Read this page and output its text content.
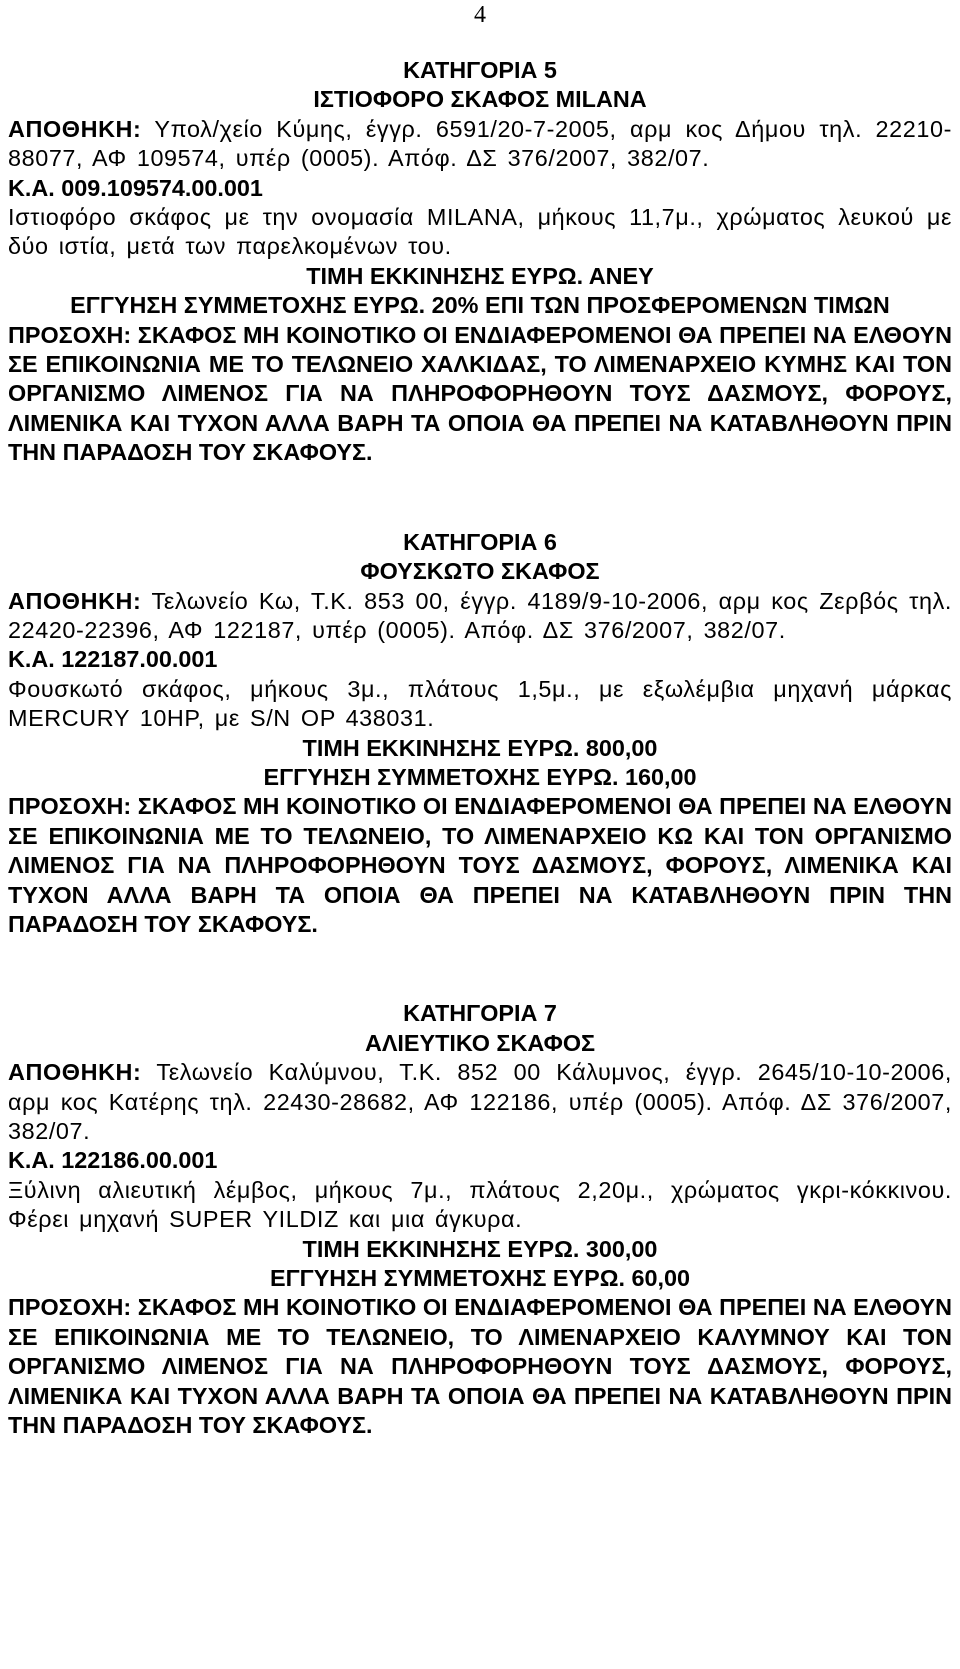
4
ΚΑΤΗΓΟΡΙΑ 5
ΙΣΤΙΟΦΟΡΟ ΣΚΑΦΟΣ MILANA
ΑΠΟΘΗΚΗ: Υπολ/χείο Κύμης, έγγρ. 6591/20-7-2005, αρμ κος Δήμου τηλ. 22210-88077, ΑΦ 109574, υπέρ (0005). Απόφ. ΔΣ 376/2007, 382/07.
Κ.Α. 009.109574.00.001
Ιστιοφόρο σκάφος με την ονομασία MILANA, μήκους 11,7μ., χρώματος λευκού με δύο ιστία, μετά των παρελκομένων του.
ΤΙΜΗ ΕΚΚΙΝΗΣΗΣ ΕΥΡΩ. ΑΝΕΥ
ΕΓΓΥΗΣΗ ΣΥΜΜΕΤΟΧΗΣ ΕΥΡΩ. 20% ΕΠΙ ΤΩΝ ΠΡΟΣΦΕΡΟΜΕΝΩΝ ΤΙΜΩΝ
ΠΡΟΣΟΧΗ: ΣΚΑΦΟΣ ΜΗ ΚΟΙΝΟΤΙΚΟ ΟΙ ΕΝΔΙΑΦΕΡΟΜΕΝΟΙ ΘΑ ΠΡΕΠΕΙ ΝΑ ΕΛΘΟΥΝ ΣΕ ΕΠΙΚΟΙΝΩΝΙΑ ΜΕ ΤΟ ΤΕΛΩΝΕΙΟ ΧΑΛΚΙΔΑΣ, ΤΟ ΛΙΜΕΝΑΡΧΕΙΟ ΚΥΜΗΣ ΚΑΙ ΤΟΝ ΟΡΓΑΝΙΣΜΟ ΛΙΜΕΝΟΣ ΓΙΑ ΝΑ ΠΛΗΡΟΦΟΡΗΘΟΥΝ ΤΟΥΣ ΔΑΣΜΟΥΣ, ΦΟΡΟΥΣ, ΛΙΜΕΝΙΚΑ ΚΑΙ ΤΥΧΟΝ ΑΛΛΑ ΒΑΡΗ ΤΑ ΟΠΟΙΑ ΘΑ ΠΡΕΠΕΙ ΝΑ ΚΑΤΑΒΛΗΘΟΥΝ ΠΡΙΝ ΤΗΝ ΠΑΡΑΔΟΣΗ ΤΟΥ ΣΚΑΦΟΥΣ.
ΚΑΤΗΓΟΡΙΑ 6
ΦΟΥΣΚΩΤΟ ΣΚΑΦΟΣ
ΑΠΟΘΗΚΗ: Τελωνείο Κω, Τ.Κ. 853 00, έγγρ. 4189/9-10-2006, αρμ κος Ζερβός τηλ. 22420-22396, ΑΦ 122187, υπέρ (0005). Απόφ. ΔΣ 376/2007, 382/07.
Κ.Α. 122187.00.001
Φουσκωτό σκάφος, μήκους 3μ., πλάτους 1,5μ., με εξωλέμβια μηχανή μάρκας MERCURY 10HP, με S/N OP 438031.
ΤΙΜΗ ΕΚΚΙΝΗΣΗΣ ΕΥΡΩ. 800,00
ΕΓΓΥΗΣΗ ΣΥΜΜΕΤΟΧΗΣ ΕΥΡΩ. 160,00
ΠΡΟΣΟΧΗ: ΣΚΑΦΟΣ ΜΗ ΚΟΙΝΟΤΙΚΟ ΟΙ ΕΝΔΙΑΦΕΡΟΜΕΝΟΙ ΘΑ ΠΡΕΠΕΙ ΝΑ ΕΛΘΟΥΝ ΣΕ ΕΠΙΚΟΙΝΩΝΙΑ ΜΕ ΤΟ ΤΕΛΩΝΕΙΟ, ΤΟ ΛΙΜΕΝΑΡΧΕΙΟ ΚΩ ΚΑΙ ΤΟΝ ΟΡΓΑΝΙΣΜΟ ΛΙΜΕΝΟΣ ΓΙΑ ΝΑ ΠΛΗΡΟΦΟΡΗΘΟΥΝ ΤΟΥΣ ΔΑΣΜΟΥΣ, ΦΟΡΟΥΣ, ΛΙΜΕΝΙΚΑ ΚΑΙ ΤΥΧΟΝ ΑΛΛΑ ΒΑΡΗ ΤΑ ΟΠΟΙΑ ΘΑ ΠΡΕΠΕΙ ΝΑ ΚΑΤΑΒΛΗΘΟΥΝ ΠΡΙΝ ΤΗΝ ΠΑΡΑΔΟΣΗ ΤΟΥ ΣΚΑΦΟΥΣ.
ΚΑΤΗΓΟΡΙΑ 7
ΑΛΙΕΥΤΙΚΟ ΣΚΑΦΟΣ
ΑΠΟΘΗΚΗ: Τελωνείο Καλύμνου, Τ.Κ. 852 00 Κάλυμνος, έγγρ. 2645/10-10-2006, αρμ κος Κατέρης τηλ. 22430-28682, ΑΦ 122186, υπέρ (0005). Απόφ. ΔΣ 376/2007, 382/07.
Κ.Α. 122186.00.001
Ξύλινη αλιευτική λέμβος, μήκους 7μ., πλάτους 2,20μ., χρώματος γκρι-κόκκινου. Φέρει μηχανή SUPER YILDIZ και μια άγκυρα.
ΤΙΜΗ ΕΚΚΙΝΗΣΗΣ ΕΥΡΩ. 300,00
ΕΓΓΥΗΣΗ ΣΥΜΜΕΤΟΧΗΣ ΕΥΡΩ. 60,00
ΠΡΟΣΟΧΗ: ΣΚΑΦΟΣ ΜΗ ΚΟΙΝΟΤΙΚΟ ΟΙ ΕΝΔΙΑΦΕΡΟΜΕΝΟΙ ΘΑ ΠΡΕΠΕΙ ΝΑ ΕΛΘΟΥΝ ΣΕ ΕΠΙΚΟΙΝΩΝΙΑ ΜΕ ΤΟ ΤΕΛΩΝΕΙΟ, ΤΟ ΛΙΜΕΝΑΡΧΕΙΟ ΚΑΛΥΜΝΟΥ ΚΑΙ ΤΟΝ ΟΡΓΑΝΙΣΜΟ ΛΙΜΕΝΟΣ ΓΙΑ ΝΑ ΠΛΗΡΟΦΟΡΗΘΟΥΝ ΤΟΥΣ ΔΑΣΜΟΥΣ, ΦΟΡΟΥΣ, ΛΙΜΕΝΙΚΑ ΚΑΙ ΤΥΧΟΝ ΑΛΛΑ ΒΑΡΗ ΤΑ ΟΠΟΙΑ ΘΑ ΠΡΕΠΕΙ ΝΑ ΚΑΤΑΒΛΗΘΟΥΝ ΠΡΙΝ ΤΗΝ ΠΑΡΑΔΟΣΗ ΤΟΥ ΣΚΑΦΟΥΣ.
